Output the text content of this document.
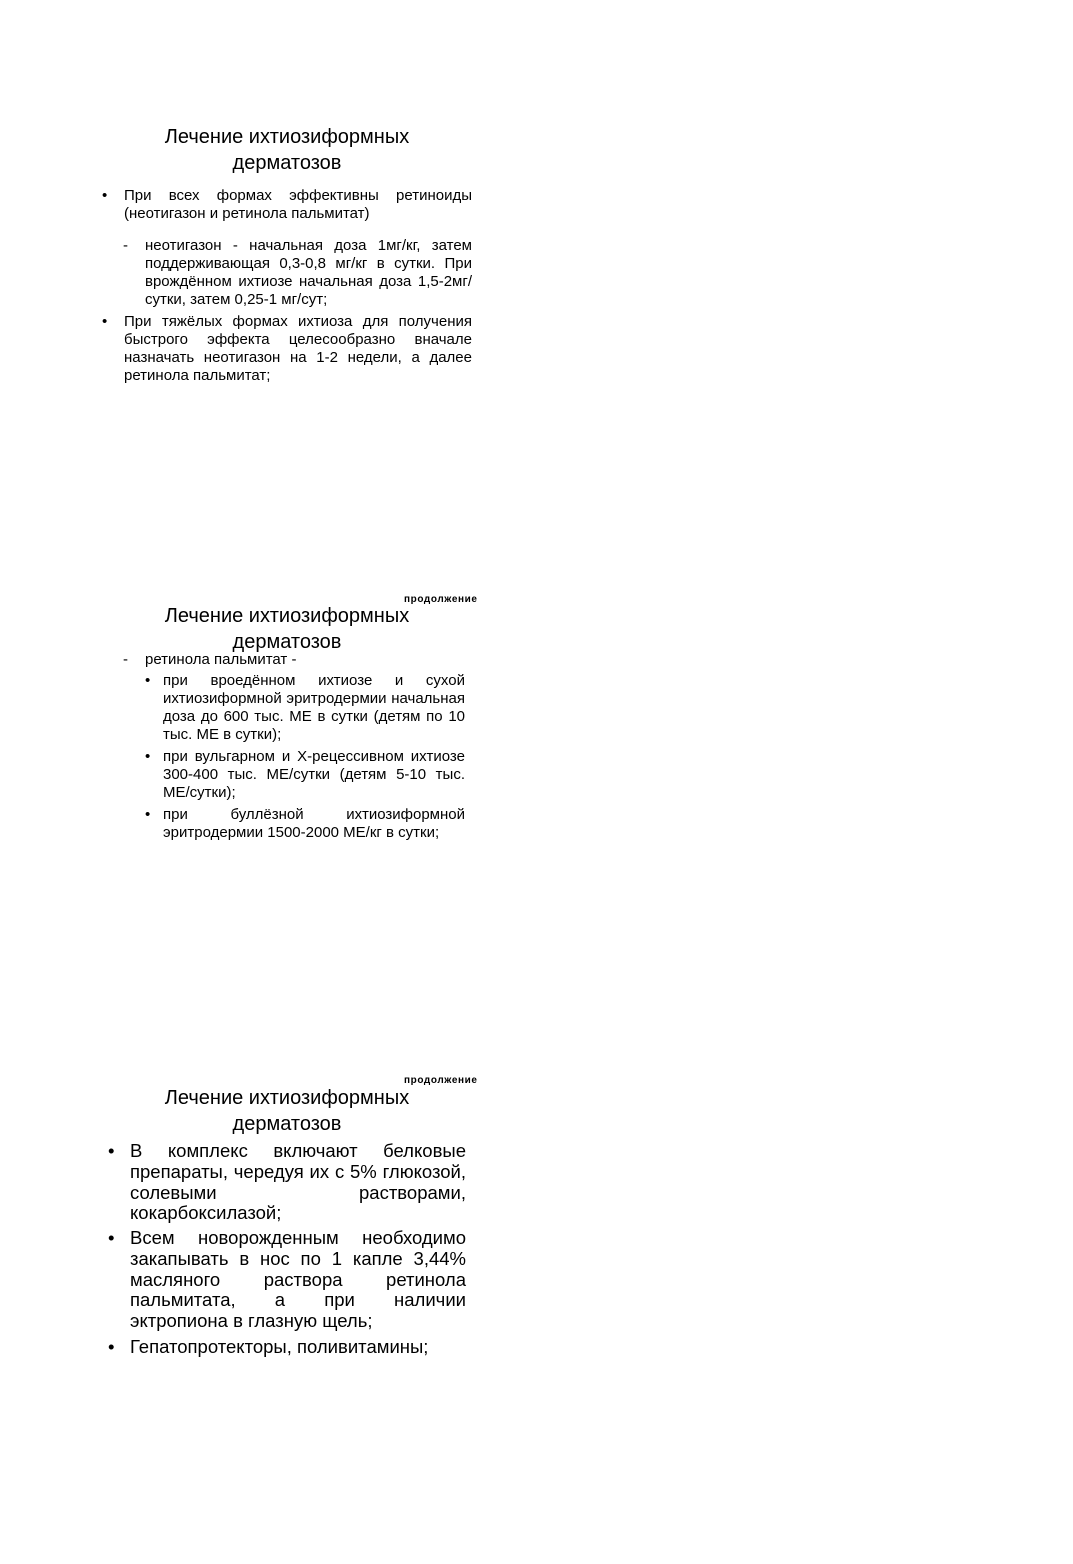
Лечение ихтиозиформных
дерматозов
• При всех формах эффективны ретиноиды (неотигазон и ретинола пальмитат)
- неотигазон - начальная доза 1мг/кг, затем поддерживающая 0,3-0,8 мг/кг в сутки. При врождённом ихтиозе начальная доза 1,5-2мг/сутки, затем 0,25-1 мг/сут;
• При тяжёлых формах ихтиоза для получения быстрого эффекта целесообразно вначале назначать неотигазон на 1-2 недели, а далее ретинола пальмитат;
продолжение
Лечение ихтиозиформных
дерматозов
- ретинола пальмитат -
• при вроедённом ихтиозе и сухой ихтиозиформной эритродермии начальная доза до 600 тыс. МЕ в сутки (детям по 10 тыс. МЕ в сутки);
• при вульгарном и Х-рецессивном ихтиозе 300-400 тыс. МЕ/сутки (детям 5-10 тыс. МЕ/сутки);
• при буллёзной ихтиозиформной эритродермии 1500-2000 МЕ/кг в сутки;
продолжение
Лечение ихтиозиформных
дерматозов
• В комплекс включают белковые препараты, чередуя их с 5% глюкозой, солевыми растворами, кокарбоксилазой;
• Всем новорожденным необходимо закапывать в нос по 1 капле 3,44% масляного раствора ретинола пальмитата, а при наличии эктропиона в глазную щель;
• Гепатопротекторы, поливитамины;
